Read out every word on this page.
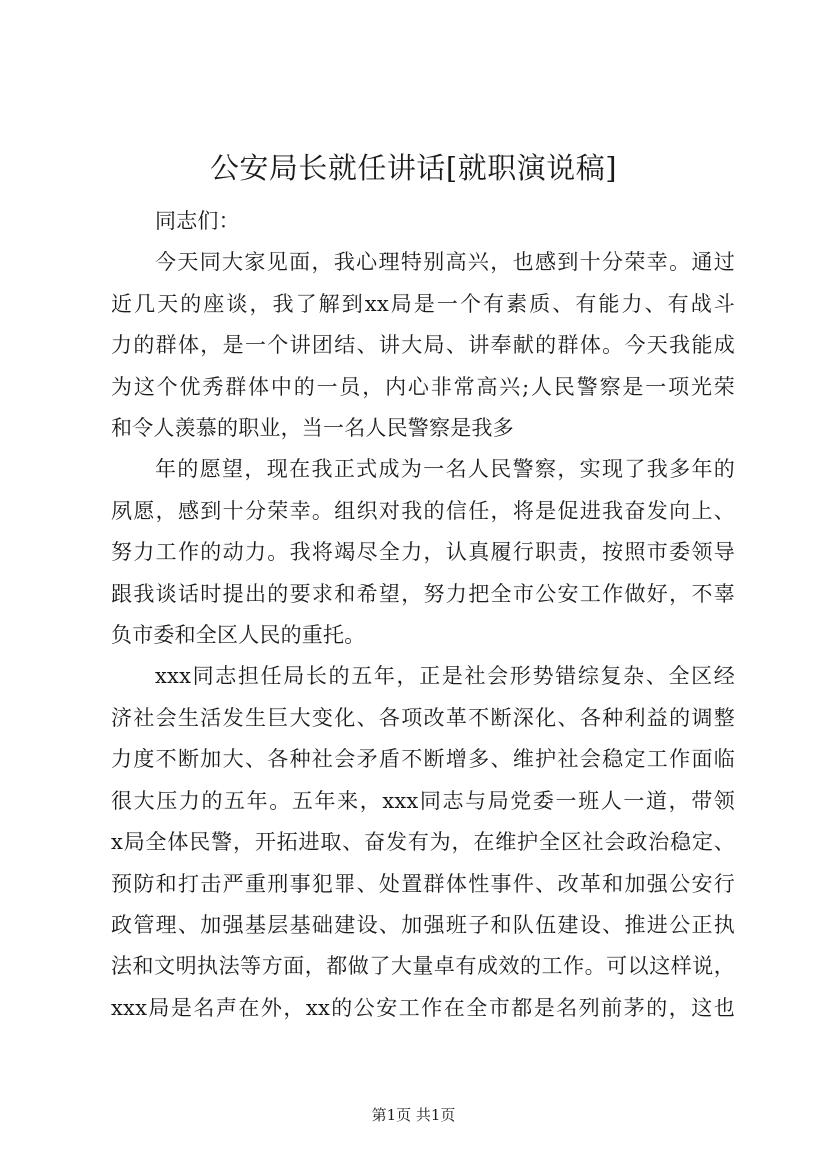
公安局长就任讲话[就职演说稿]
同志们：
今天同大家见面，我心理特别高兴，也感到十分荣幸。通过
近几天的座谈，我了解到xx局是一个有素质、有能力、有战斗
力的群体，是一个讲团结、讲大局、讲奉献的群体。今天我能成
为这个优秀群体中的一员，内心非常高兴;人民警察是一项光荣
和令人羡慕的职业，当一名人民警察是我多
年的愿望，现在我正式成为一名人民警察，实现了我多年的
夙愿，感到十分荣幸。组织对我的信任，将是促进我奋发向上、
努力工作的动力。我将竭尽全力，认真履行职责，按照市委领导
跟我谈话时提出的要求和希望，努力把全市公安工作做好，不辜
负市委和全区人民的重托。
xxx同志担任局长的五年，正是社会形势错综复杂、全区经
济社会生活发生巨大变化、各项改革不断深化、各种利益的调整
力度不断加大、各种社会矛盾不断增多、维护社会稳定工作面临
很大压力的五年。五年来，xxx同志与局党委一班人一道，带领
x局全体民警，开拓进取、奋发有为，在维护全区社会政治稳定、
预防和打击严重刑事犯罪、处置群体性事件、改革和加强公安行
政管理、加强基层基础建设、加强班子和队伍建设、推进公正执
法和文明执法等方面，都做了大量卓有成效的工作。可以这样说，
xxx局是名声在外，xx的公安工作在全市都是名列前茅的，这也
第1页 共1页
